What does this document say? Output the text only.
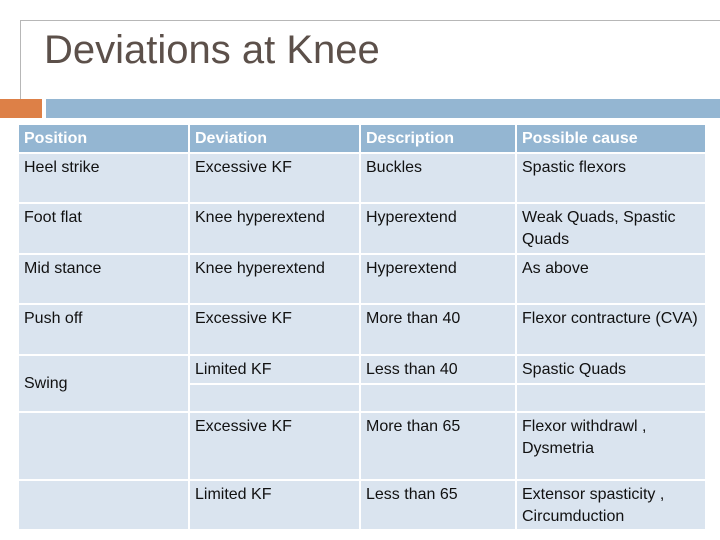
Deviations at Knee
Position	Deviation	Description	Possible cause
Heel strike	Excessive KF	Buckles	Spastic flexors
Foot flat	Knee hyperextend	Hyperextend	Weak Quads, Spastic Quads
Mid stance	Knee hyperextend	Hyperextend	As above
Push off	Excessive KF	More than 40	Flexor contracture (CVA)
Swing	Limited KF	Less than 40	Spastic Quads

	Excessive KF	More than 65	Flexor withdrawl , Dysmetria
	Limited KF	Less than 65	Extensor spasticity , Circumduction
